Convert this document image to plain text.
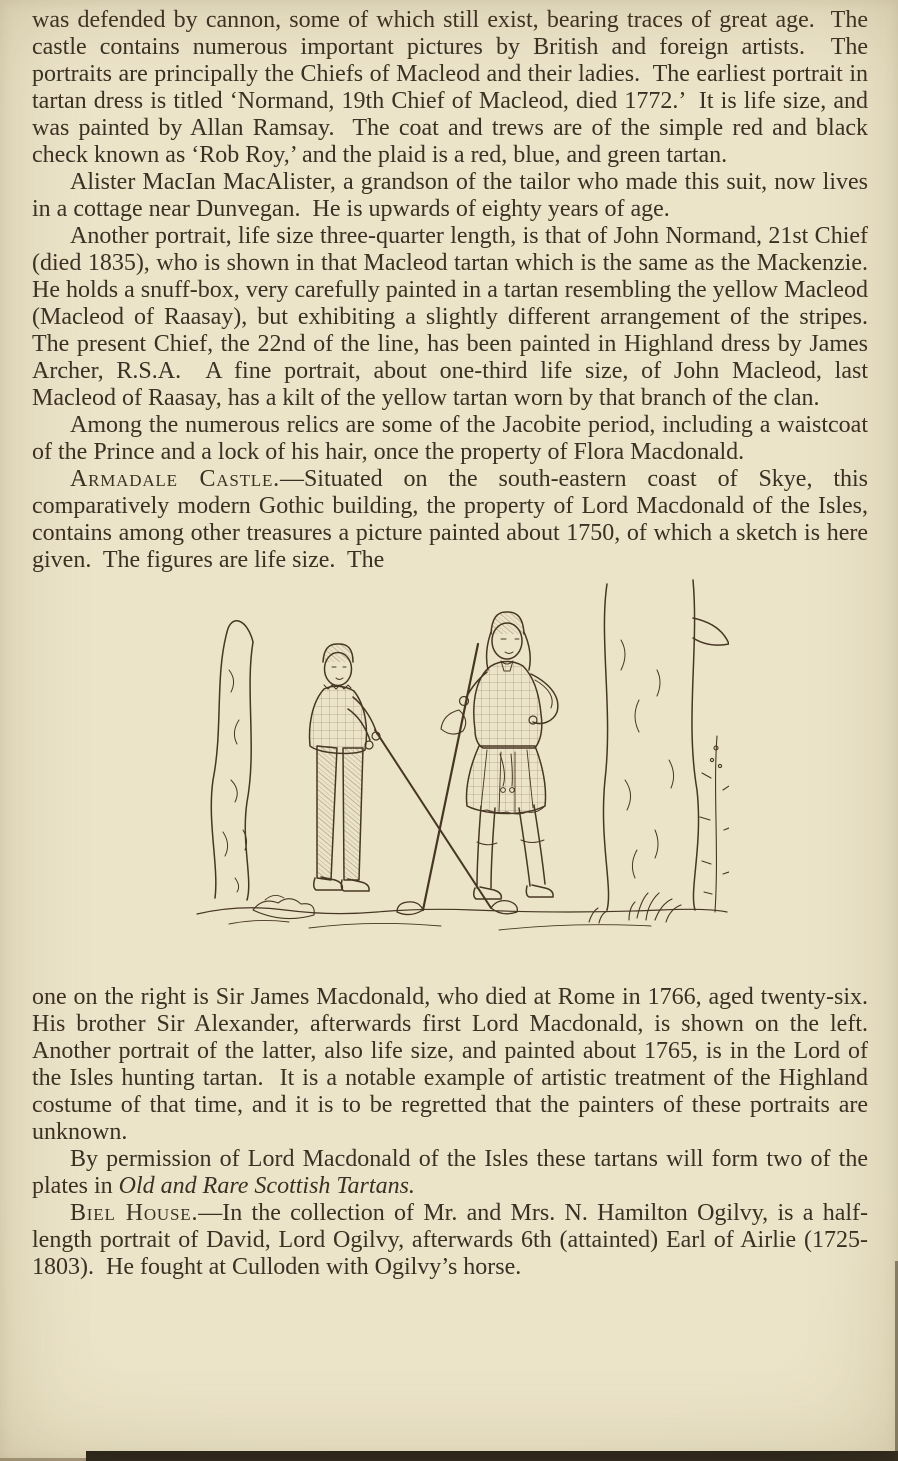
was defended by cannon, some of which still exist, bearing traces of great age.  The castle contains numerous important pictures by British and foreign artists.  The portraits are principally the Chiefs of Macleod and their ladies.  The earliest portrait in tartan dress is titled ‘Normand, 19th Chief of Macleod, died 1772.’  It is life size, and was painted by Allan Ramsay.  The coat and trews are of the simple red and black check known as ‘Rob Roy,’ and the plaid is a red, blue, and green tartan.

Alister MacIan MacAlister, a grandson of the tailor who made this suit, now lives in a cottage near Dunvegan.  He is upwards of eighty years of age.

Another portrait, life size three-quarter length, is that of John Normand, 21st Chief (died 1835), who is shown in that Macleod tartan which is the same as the Mackenzie.  He holds a snuff-box, very carefully painted in a tartan resembling the yellow Macleod (Macleod of Raasay), but exhibiting a slightly different arrangement of the stripes.  The present Chief, the 22nd of the line, has been painted in Highland dress by James Archer, R.S.A.  A fine portrait, about one-third life size, of John Macleod, last Macleod of Raasay, has a kilt of the yellow tartan worn by that branch of the clan.

Among the numerous relics are some of the Jacobite period, including a waistcoat of the Prince and a lock of his hair, once the property of Flora Macdonald.

Armadale Castle.—Situated on the south-eastern coast of Skye, this comparatively modern Gothic building, the property of Lord Macdonald of the Isles, contains among other treasures a picture painted about 1750, of which a sketch is here given.  The figures are life size.  The

one on the right is Sir James Macdonald, who died at Rome in 1766, aged twenty-six.  His brother Sir Alexander, afterwards first Lord Macdonald, is shown on the left.  Another portrait of the latter, also life size, and painted about 1765, is in the Lord of the Isles hunting tartan.  It is a notable example of artistic treatment of the Highland costume of that time, and it is to be regretted that the painters of these portraits are unknown.

By permission of Lord Macdonald of the Isles these tartans will form two of the plates in Old and Rare Scottish Tartans.

Biel House.—In the collection of Mr. and Mrs. N. Hamilton Ogilvy, is a half-length portrait of David, Lord Ogilvy, afterwards 6th (attainted) Earl of Airlie (1725-1803).  He fought at Culloden with Ogilvy’s horse.
